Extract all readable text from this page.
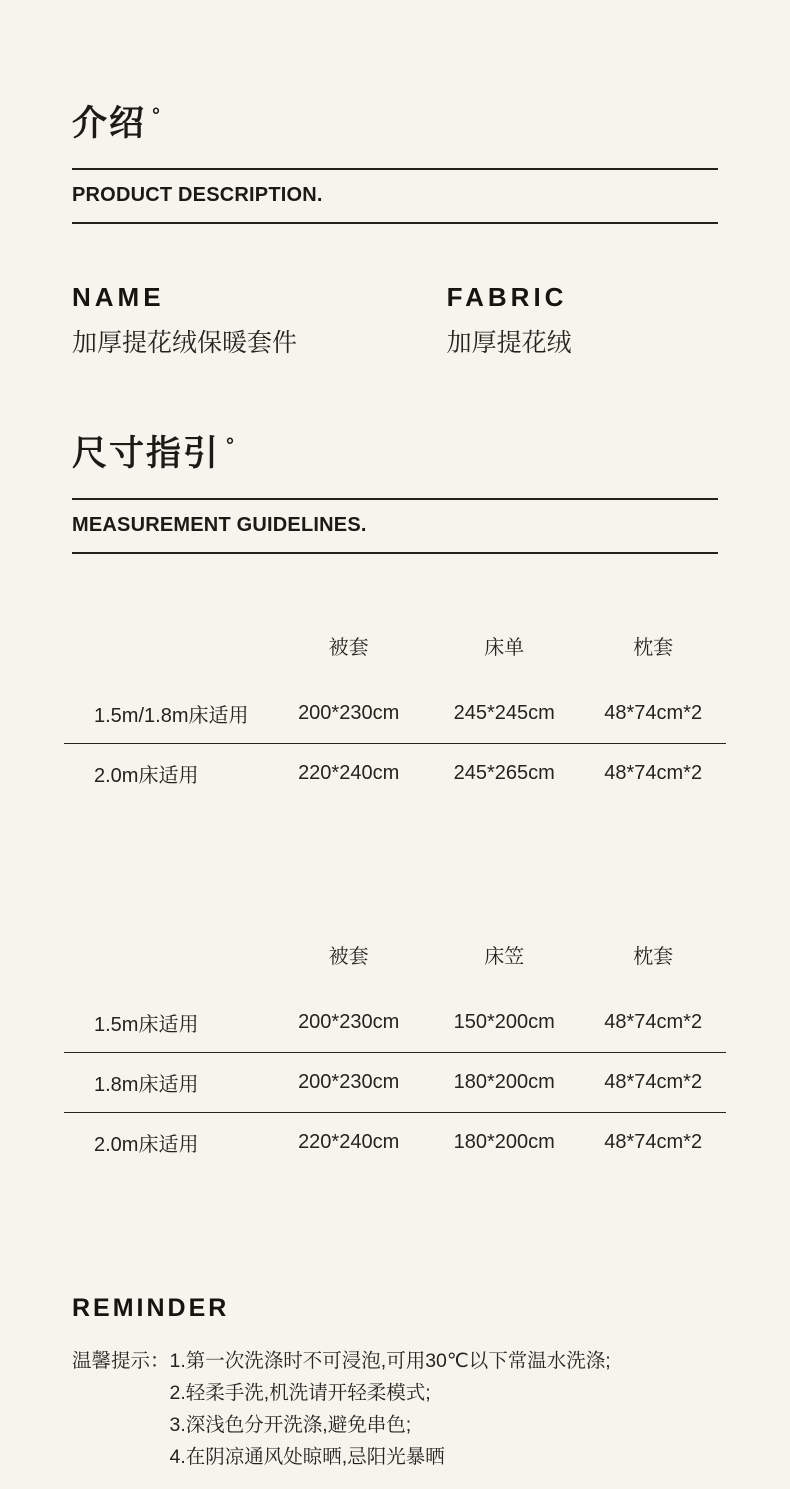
介绍 °
PRODUCT DESCRIPTION.
NAME
加厚提花绒保暖套件
FABRIC
加厚提花绒
尺寸指引 °
MEASUREMENT GUIDELINES.
	被套	床单	枕套
1.5m/1.8m床适用	200*230cm	245*245cm	48*74cm*2
2.0m床适用	220*240cm	245*265cm	48*74cm*2
	被套	床笠	枕套
1.5m床适用	200*230cm	150*200cm	48*74cm*2
1.8m床适用	200*230cm	180*200cm	48*74cm*2
2.0m床适用	220*240cm	180*200cm	48*74cm*2
REMINDER
温馨提示： 1.第一次洗涤时不可浸泡,可用30℃以下常温水洗涤;
2.轻柔手洗,机洗请开轻柔模式;
3.深浅色分开洗涤,避免串色;
4.在阴凉通风处晾晒,忌阳光暴晒
